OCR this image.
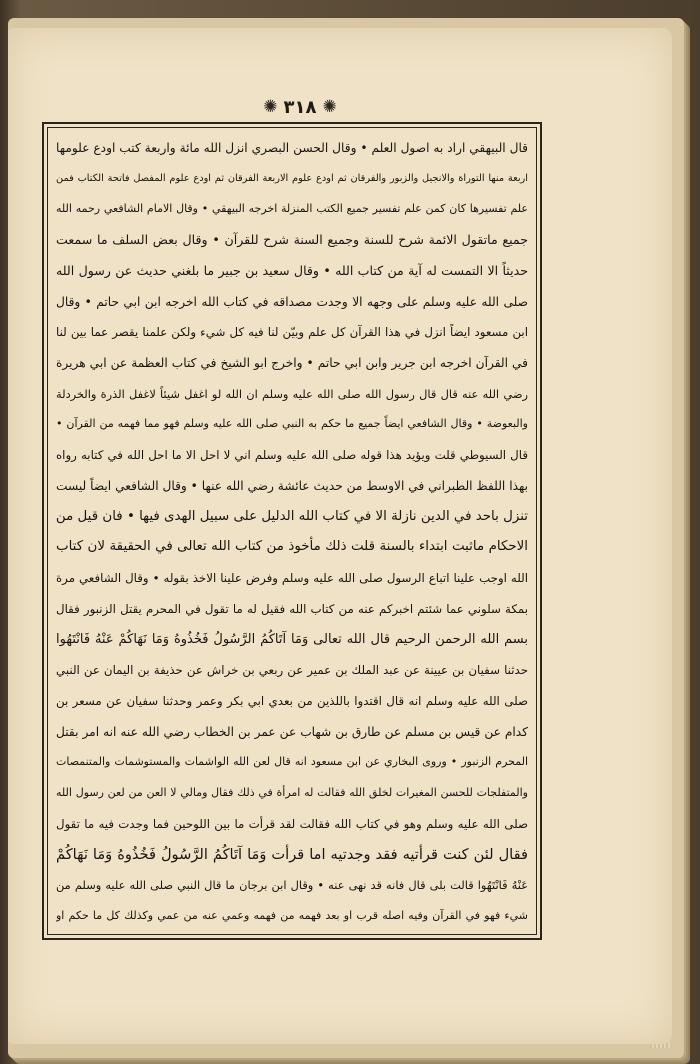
✺ ٣١٨ ✺
قال البيهقي اراد به اصول العلم • وقال الحسن البصري انزل الله مائة واربعة كتب اودع علومها
اربعة منها التوراة والانجيل والزبور والفرقان ثم اودع علوم الاربعة الفرقان ثم اودع علوم المفصل فاتحة الكتاب فمن
علم تفسيرها كان كمن علم تفسير جميع الكتب المنزلة اخرجه البيهقي • وقال الامام الشافعي رحمه الله
جميع ماتقول الائمة شرح للسنة وجميع السنة شرح للقرآن • وقال بعض السلف ما سمعت
حديثاً الا التمست له آية من كتاب الله • وقال سعيد بن جبير ما بلغني حديث عن رسول الله
صلى الله عليه وسلم على وجهه الا وجدت مصداقه في كتاب الله اخرجه ابن ابي حاتم • وقال
ابن مسعود ايضاً انزل في هذا القرآن كل علم وبيّن لنا فيه كل شيء ولكن علمنا يقصر عما بين لنا
في القرآن اخرجه ابن جرير وابن ابي حاتم • واخرج ابو الشيخ في كتاب العظمة عن ابي هريرة
رضي الله عنه قال قال رسول الله صلى الله عليه وسلم ان الله لو اغفل شيئاً لاغفل الذرة والخردلة
والبعوضة • وقال الشافعي ايضاً جميع ما حكم به النبي صلى الله عليه وسلم فهو مما فهمه من القرآن •
قال السيوطي قلت ويؤيد هذا قوله صلى الله عليه وسلم اني لا احل الا ما احل الله في كتابه رواه
بهذا اللفظ الطبراني في الاوسط من حديث عائشة رضي الله عنها • وقال الشافعي ايضاً ليست
تنزل باحد في الدين نازلة الا في كتاب الله الدليل على سبيل الهدى فيها • فان قيل من
الاحكام ماثبت ابتداء بالسنة قلت ذلك مأخوذ من كتاب الله تعالى في الحقيقة لان كتاب
الله اوجب علينا اتباع الرسول صلى الله عليه وسلم وفرض علينا الاخذ بقوله • وقال الشافعي مرة
بمكة سلوني عما شئتم اخبركم عنه من كتاب الله فقيل له ما تقول في المحرم يقتل الزنبور فقال
بسم الله الرحمن الرحيم قال الله تعالى وَمَا آتَاكُمُ الرَّسُولُ فَخُذُوهُ وَمَا نَهَاكُمْ عَنْهُ فَانْتَهُوا
حدثنا سفيان بن عيينة عن عبد الملك بن عمير عن ربعي بن خراش عن حذيفة بن اليمان عن النبي
صلى الله عليه وسلم انه قال اقتدوا باللذين من بعدي ابي بكر وعمر وحدثنا سفيان عن مسعر بن
كدام عن قيس بن مسلم عن طارق بن شهاب عن عمر بن الخطاب رضي الله عنه انه امر بقتل
المحرم الزنبور • وروى البخاري عن ابن مسعود انه قال لعن الله الواشمات والمستوشمات والمتنمصات
والمتفلجات للحسن المغيرات لخلق الله فقالت له امرأة في ذلك فقال ومالي لا العن من لعن رسول الله
صلى الله عليه وسلم وهو في كتاب الله فقالت لقد قرأت ما بين اللوحين فما وجدت فيه ما تقول
فقال لئن كنت قرأتيه فقد وجدتيه اما قرأت وَمَا آتَاكُمُ الرَّسُولُ فَخُذُوهُ وَمَا نَهَاكُمْ
عَنْهُ فَانْتَهُوا قالت بلى قال فانه قد نهى عنه • وقال ابن برجان ما قال النبي صلى الله عليه وسلم من
شيء فهو في القرآن وفيه اصله قرب او بعد فهمه من فهمه وعمي عنه من عمي وكذلك كل ما حكم او
